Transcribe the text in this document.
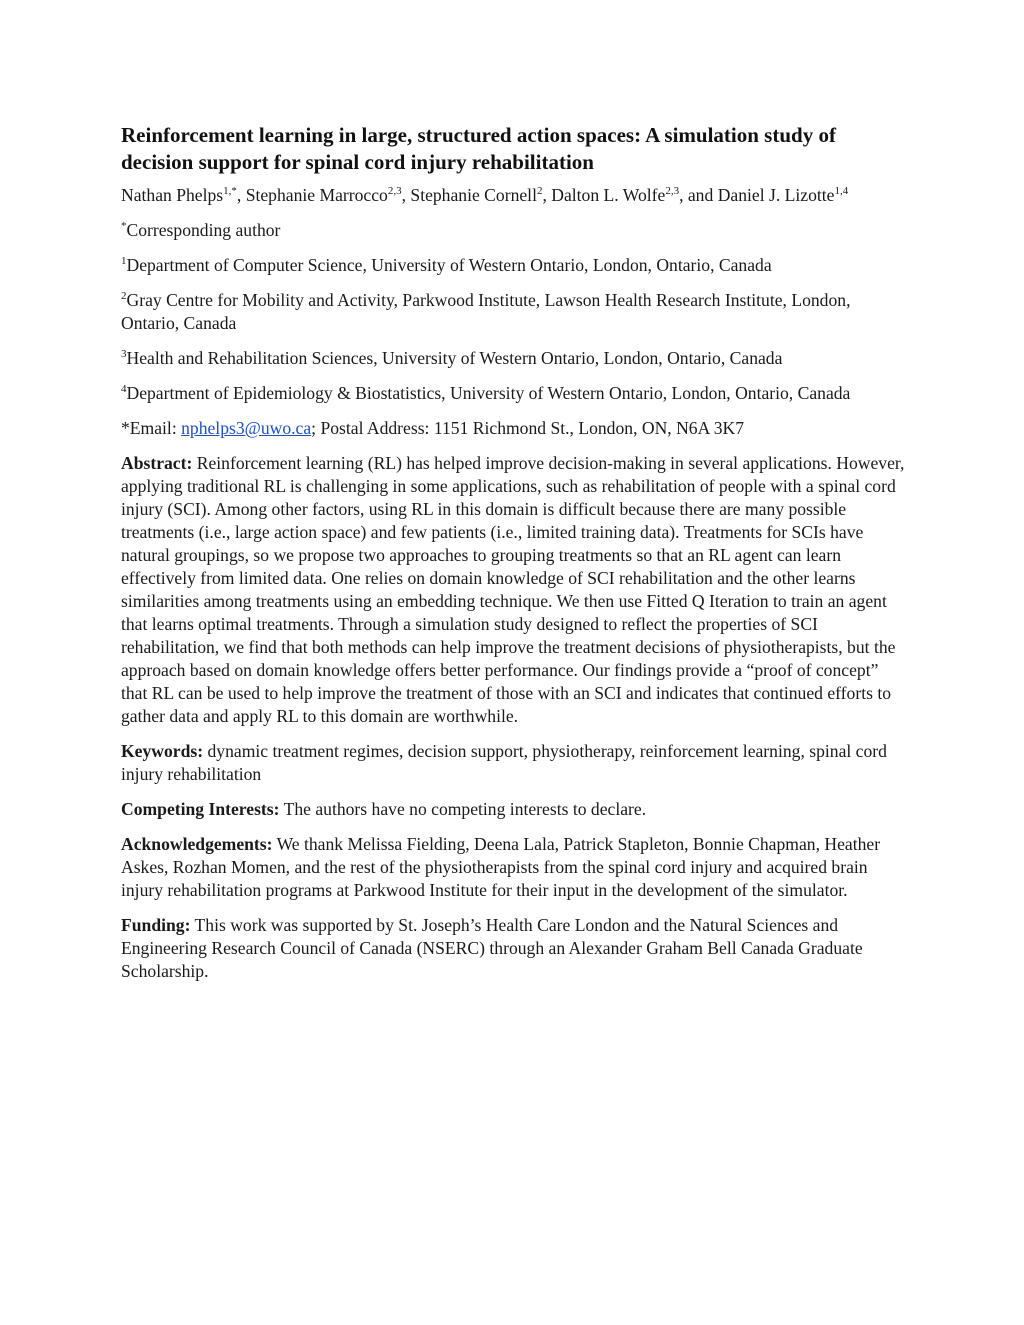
Reinforcement learning in large, structured action spaces: A simulation study of decision support for spinal cord injury rehabilitation

Nathan Phelps$^{1,*}$, Stephanie Marrocco$^{2,3}$, Stephanie Cornell$^2$, Dalton L. Wolfe$^{2,3}$, and Daniel J. Lizotte$^{1,4}$

*Corresponding author

$^1$Department of Computer Science, University of Western Ontario, London, Ontario, Canada

$^2$Gray Centre for Mobility and Activity, Parkwood Institute, Lawson Health Research Institute, London, Ontario, Canada

$^3$Health and Rehabilitation Sciences, University of Western Ontario, London, Ontario, Canada

$^4$Department of Epidemiology & Biostatistics, University of Western Ontario, London, Ontario, Canada

*Email: nphelps3@uwo.ca; Postal Address: 1151 Richmond St., London, ON, N6A 3K7

Abstract: Reinforcement learning (RL) has helped improve decision-making in several applications. However, applying traditional RL is challenging in some applications, such as rehabilitation of people with a spinal cord injury (SCI). Among other factors, using RL in this domain is difficult because there are many possible treatments (i.e., large action space) and few patients (i.e., limited training data). Treatments for SCIs have natural groupings, so we propose two approaches to grouping treatments so that an RL agent can learn effectively from limited data. One relies on domain knowledge of SCI rehabilitation and the other learns similarities among treatments using an embedding technique. We then use Fitted Q Iteration to train an agent that learns optimal treatments. Through a simulation study designed to reflect the properties of SCI rehabilitation, we find that both methods can help improve the treatment decisions of physiotherapists, but the approach based on domain knowledge offers better performance. Our findings provide a “proof of concept” that RL can be used to help improve the treatment of those with an SCI and indicates that continued efforts to gather data and apply RL to this domain are worthwhile.

Keywords: dynamic treatment regimes, decision support, physiotherapy, reinforcement learning, spinal cord injury rehabilitation

Competing Interests: The authors have no competing interests to declare.

Acknowledgements: We thank Melissa Fielding, Deena Lala, Patrick Stapleton, Bonnie Chapman, Heather Askes, Rozhan Momen, and the rest of the physiotherapists from the spinal cord injury and acquired brain injury rehabilitation programs at Parkwood Institute for their input in the development of the simulator.

Funding: This work was supported by St. Joseph’s Health Care London and the Natural Sciences and Engineering Research Council of Canada (NSERC) through an Alexander Graham Bell Canada Graduate Scholarship.
